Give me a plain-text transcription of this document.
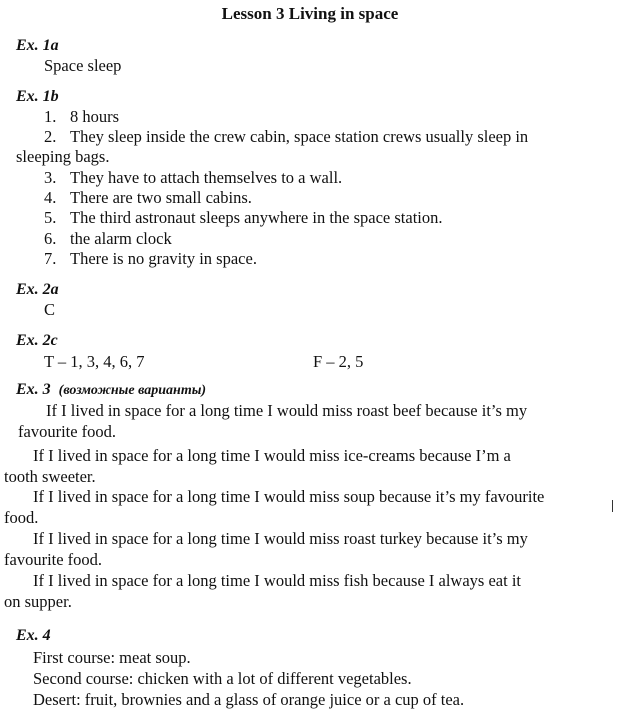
Lesson 3 Living in space
Ex. 1a
Space sleep
Ex. 1b
1. 8 hours
2. They sleep inside the crew cabin, space station crews usually sleep in
sleeping bags.
3. They have to attach themselves to a wall.
4. There are two small cabins.
5. The third astronaut sleeps anywhere in the space station.
6. the alarm clock
7. There is no gravity in space.
Ex. 2a
C
Ex. 2c
T – 1, 3, 4, 6, 7	F – 2, 5
Ex. 3 (возможные варианты)
If I lived in space for a long time I would miss roast beef because it’s my
favourite food.
If I lived in space for a long time I would miss ice-creams because I’m a
tooth sweeter.
If I lived in space for a long time I would miss soup because it’s my favourite
food.
If I lived in space for a long time I would miss roast turkey because it’s my
favourite food.
If I lived in space for a long time I would miss fish because I always eat it
on supper.
Ex. 4
First course: meat soup.
Second course: chicken with a lot of different vegetables.
Desert: fruit, brownies and a glass of orange juice or a cup of tea.
